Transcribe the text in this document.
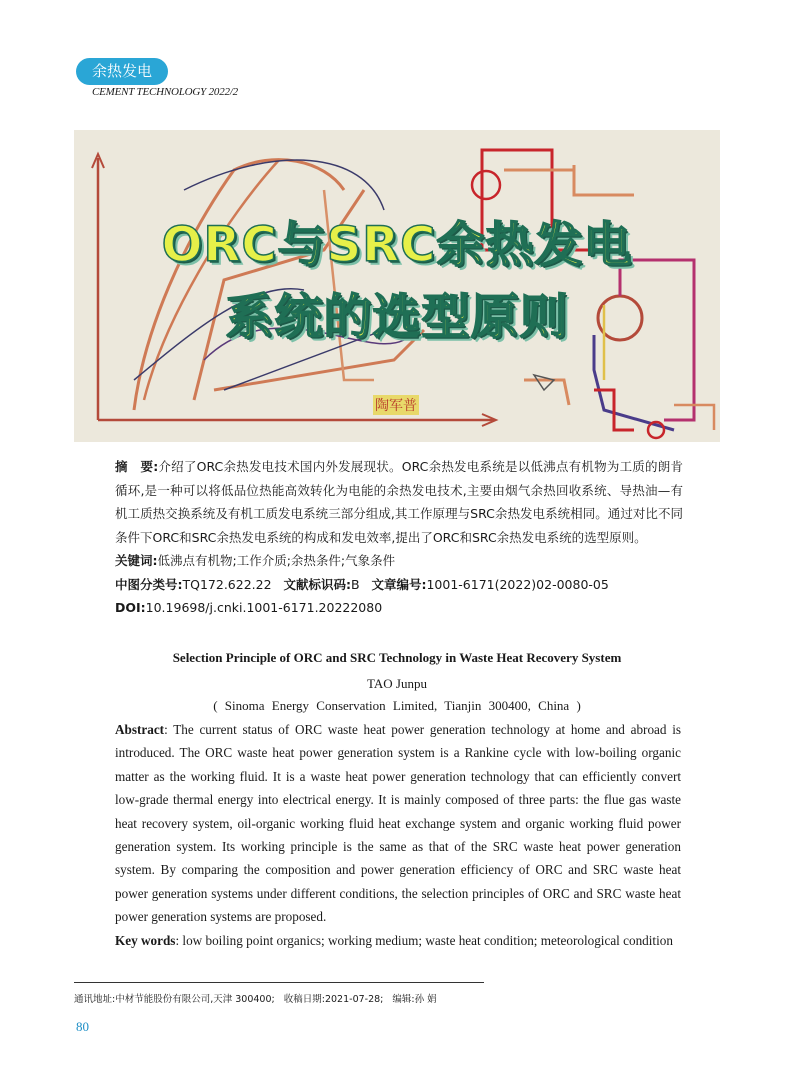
余热发电
CEMENT TECHNOLOGY 2022/2
ORC与SRC余热发电
系统的选型原则
陶军普

摘　要:介绍了ORC余热发电技术国内外发展现状。ORC余热发电系统是以低沸点有机物为工质的朗肯循环,是一种可以将低品位热能高效转化为电能的余热发电技术,主要由烟气余热回收系统、导热油—有机工质热交换系统及有机工质发电系统三部分组成,其工作原理与SRC余热发电系统相同。通过对比不同条件下ORC和SRC余热发电系统的构成和发电效率,提出了ORC和SRC余热发电系统的选型原则。

关键词:低沸点有机物;工作介质;余热条件;气象条件

中图分类号:TQ172.622.22 文献标识码:B 文章编号:1001-6171(2022)02-0080-05

DOI:10.19698/j.cnki.1001-6171.20222080

Selection Principle of ORC and SRC Technology in Waste Heat Recovery System
TAO Junpu
( Sinoma Energy Conservation Limited, Tianjin 300400, China )

Abstract: The current status of ORC waste heat power generation technology at home and abroad is introduced. The ORC waste heat power generation system is a Rankine cycle with low-boiling organic matter as the working fluid. It is a waste heat power generation technology that can efficiently convert low-grade thermal energy into electrical energy. It is mainly composed of three parts: the flue gas waste heat recovery system, oil-organic working fluid heat exchange system and organic working fluid power generation system. Its working principle is the same as that of the SRC waste heat power generation system. By comparing the composition and power generation efficiency of ORC and SRC waste heat power generation systems under different conditions, the selection principles of ORC and SRC waste heat power generation systems are proposed.

Key words: low boiling point organics; working medium; waste heat condition; meteorological condition

通讯地址:中材节能股份有限公司,天津 300400;   收稿日期:2021-07-28;   编辑:孙 娟
80
